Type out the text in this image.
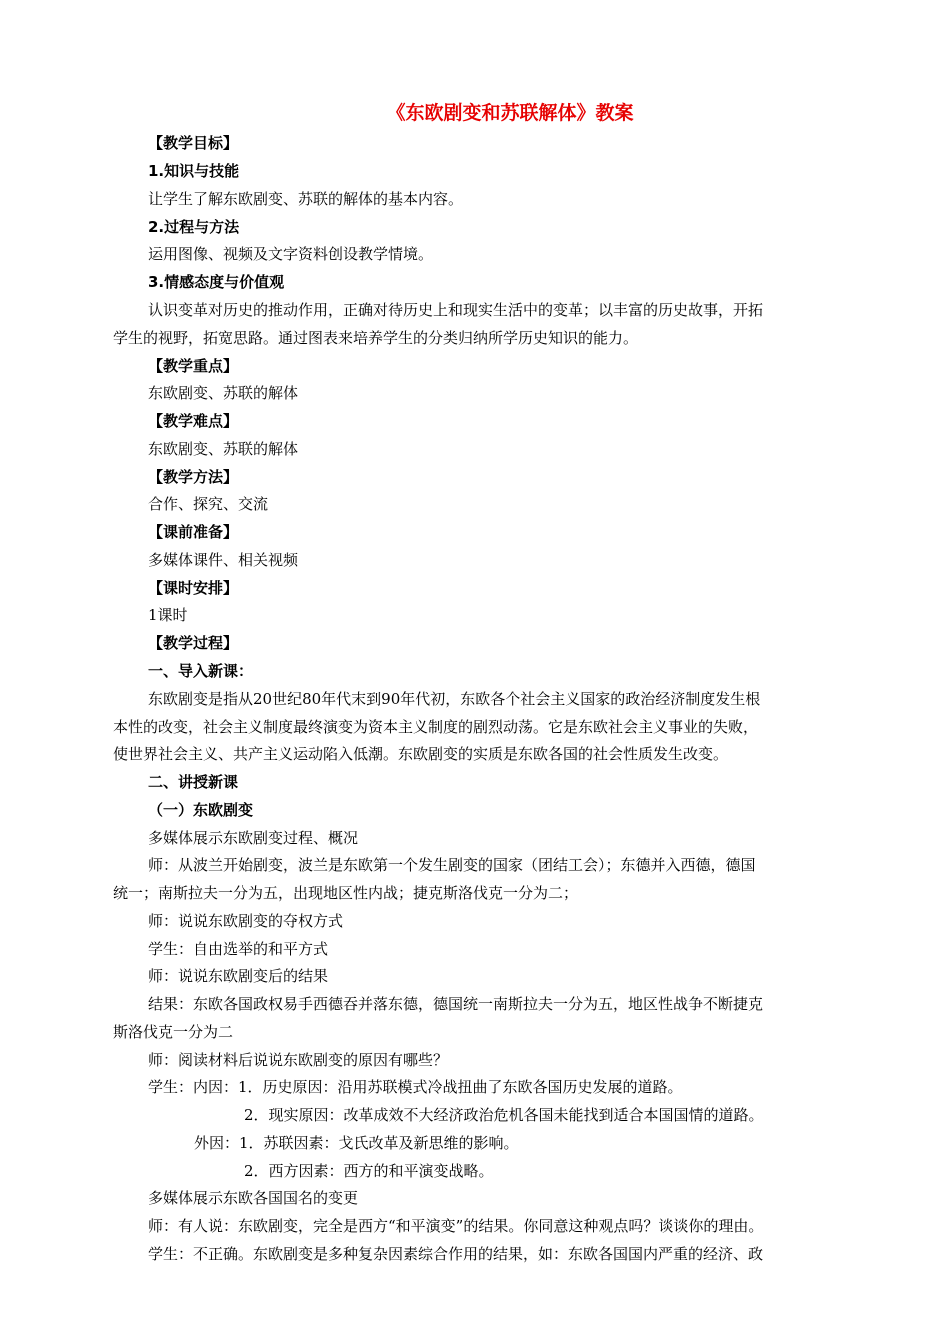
《东欧剧变和苏联解体》教案
【教学目标】
1.知识与技能
让学生了解东欧剧变、苏联的解体的基本内容。
2.过程与方法
运用图像、视频及文字资料创设教学情境。
3.情感态度与价值观
认识变革对历史的推动作用，正确对待历史上和现实生活中的变革；以丰富的历史故事，开拓
学生的视野，拓宽思路。通过图表来培养学生的分类归纳所学历史知识的能力。
【教学重点】
东欧剧变、苏联的解体
【教学难点】
东欧剧变、苏联的解体
【教学方法】
合作、探究、交流
【课前准备】
多媒体课件、相关视频
【课时安排】
1课时
【教学过程】
一、导入新课：
东欧剧变是指从20世纪80年代末到90年代初，东欧各个社会主义国家的政治经济制度发生根
本性的改变，社会主义制度最终演变为资本主义制度的剧烈动荡。它是东欧社会主义事业的失败，
使世界社会主义、共产主义运动陷入低潮。东欧剧变的实质是东欧各国的社会性质发生改变。
二、讲授新课
（一）东欧剧变
多媒体展示东欧剧变过程、概况
师：从波兰开始剧变，波兰是东欧第一个发生剧变的国家（团结工会）；东德并入西德，德国
统一；南斯拉夫一分为五，出现地区性内战；捷克斯洛伐克一分为二；
师：说说东欧剧变的夺权方式
学生：自由选举的和平方式
师：说说东欧剧变后的结果
结果：东欧各国政权易手西德吞并落东德，德国统一南斯拉夫一分为五，地区性战争不断捷克
斯洛伐克一分为二
师：阅读材料后说说东欧剧变的原因有哪些？
学生：内因：1．历史原因：沿用苏联模式冷战扭曲了东欧各国历史发展的道路。
2．现实原因：改革成效不大经济政治危机各国未能找到适合本国国情的道路。
外因：1．苏联因素：戈氏改革及新思维的影响。
2．西方因素：西方的和平演变战略。
多媒体展示东欧各国国名的变更
师：有人说：东欧剧变，完全是西方“和平演变”的结果。你同意这种观点吗？谈谈你的理由。
学生：不正确。东欧剧变是多种复杂因素综合作用的结果，如：东欧各国国内严重的经济、政
